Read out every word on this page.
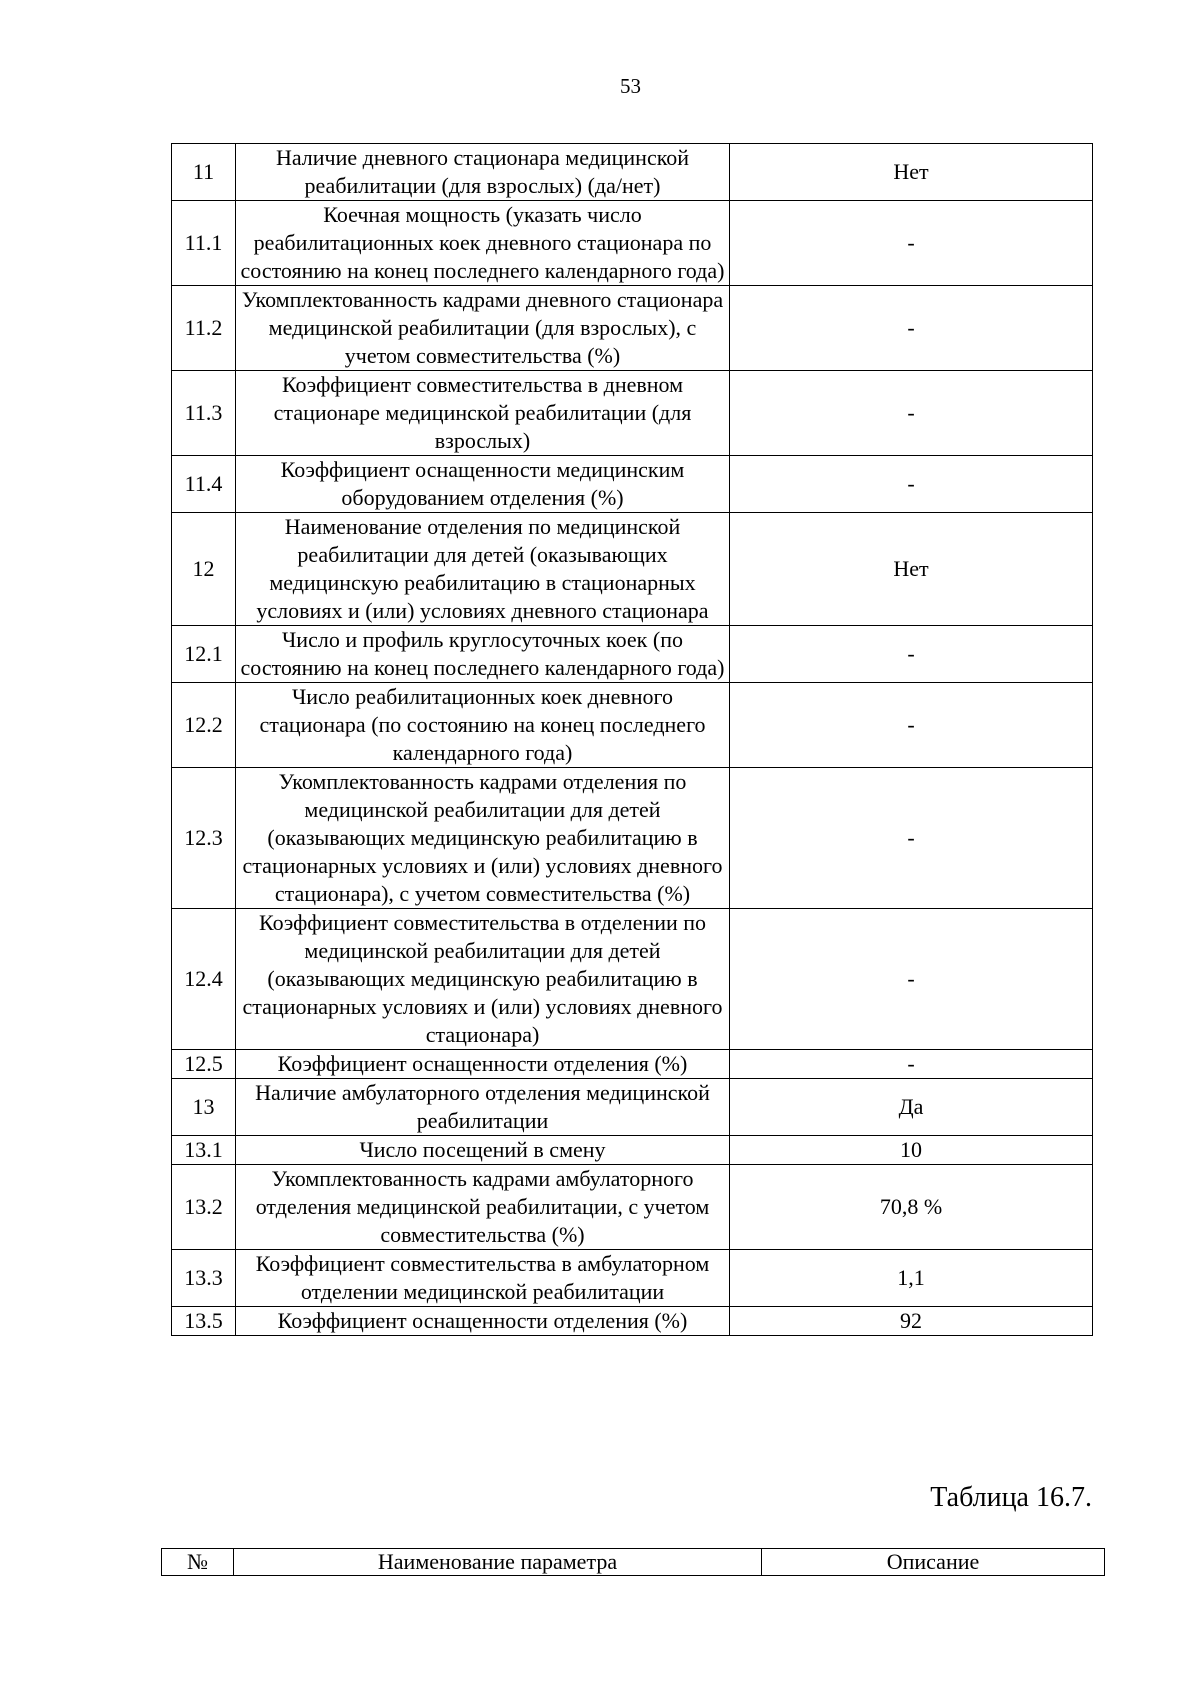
53
11	Наличие дневного стационара медицинской реабилитации (для взрослых) (да/нет)	Нет
11.1	Коечная мощность (указать число реабилитационных коек дневного стационара по состоянию на конец последнего календарного года)	-
11.2	Укомплектованность кадрами дневного стационара медицинской реабилитации (для взрослых), с учетом совместительства (%)	-
11.3	Коэффициент совместительства в дневном стационаре медицинской реабилитации (для взрослых)	-
11.4	Коэффициент оснащенности медицинским оборудованием отделения (%)	-
12	Наименование отделения по медицинской реабилитации для детей (оказывающих медицинскую реабилитацию в стационарных условиях и (или) условиях дневного стационара	Нет
12.1	Число и профиль круглосуточных коек (по состоянию на конец последнего календарного года)	-
12.2	Число реабилитационных коек дневного стационара (по состоянию на конец последнего календарного года)	-
12.3	Укомплектованность кадрами отделения по медицинской реабилитации для детей (оказывающих медицинскую реабилитацию в стационарных условиях и (или) условиях дневного стационара), с учетом совместительства (%)	-
12.4	Коэффициент совместительства в отделении по медицинской реабилитации для детей (оказывающих медицинскую реабилитацию в стационарных условиях и (или) условиях дневного стационара)	-
12.5	Коэффициент оснащенности отделения (%)	-
13	Наличие амбулаторного отделения медицинской реабилитации	Да
13.1	Число посещений в смену	10
13.2	Укомплектованность кадрами амбулаторного отделения медицинской реабилитации, с учетом совместительства (%)	70,8 %
13.3	Коэффициент совместительства в амбулаторном отделении медицинской реабилитации	1,1
13.5	Коэффициент оснащенности отделения (%)	92
Таблица 16.7.
№	Наименование параметра	Описание
